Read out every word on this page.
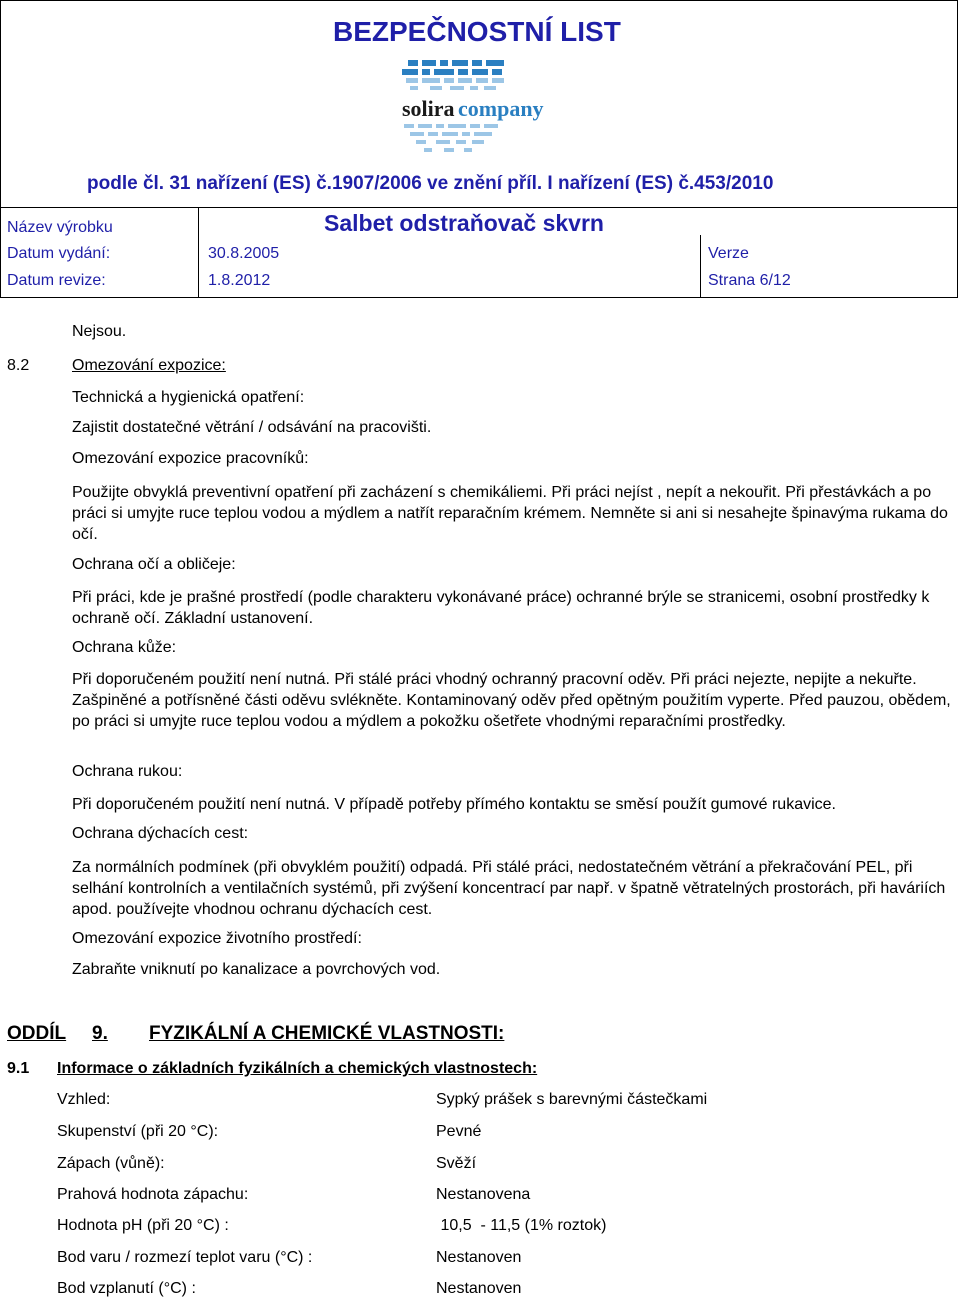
BEZPEČNOSTNÍ LIST
solira company
podle čl. 31 nařízení (ES) č.1907/2006 ve znění příl. I nařízení (ES) č.453/2010
Název výrobku	Salbet odstraňovač skvrn
Datum vydání:	30.8.2005	Verze
Datum revize:	1.8.2012	Strana 6/12
Nejsou.
8.2	Omezování expozice:
Technická a hygienická opatření:
Zajistit dostatečné větrání / odsávání na pracovišti.
Omezování expozice pracovníků:
Použijte obvyklá preventivní opatření při zacházení s chemikáliemi. Při práci nejíst , nepít a nekouřit. Při přestávkách a po práci si umyjte ruce teplou vodou a mýdlem a natřít reparačním krémem. Nemněte si ani si nesahejte špinavýma rukama do očí.
Ochrana očí a obličeje:
Při práci, kde je prašné prostředí (podle charakteru vykonávané práce) ochranné brýle se stranicemi, osobní prostředky k ochraně očí. Základní ustanovení.
Ochrana kůže:
Při doporučeném použití není nutná. Při stálé práci vhodný ochranný pracovní oděv. Při práci nejezte, nepijte a nekuřte. Zašpiněné a potřísněné části oděvu svlékněte. Kontaminovaný oděv před opětným použitím vyperte. Před pauzou, obědem, po práci si umyjte ruce teplou vodou a mýdlem a pokožku ošetřete vhodnými reparačními prostředky.
Ochrana rukou:
Při doporučeném použití není nutná. V případě potřeby přímého kontaktu se směsí použít gumové rukavice.
Ochrana dýchacích cest:
Za normálních podmínek (při obvyklém použití) odpadá. Při stálé práci, nedostatečném větrání a překračování PEL, při selhání kontrolních a ventilačních systémů, při zvýšení koncentrací par např. v špatně větratelných prostorách, při haváriích apod. používejte vhodnou ochranu dýchacích cest.
Omezování expozice životního prostředí:
Zabraňte vniknutí po kanalizace a povrchových vod.
ODDÍL 9. FYZIKÁLNÍ A CHEMICKÉ VLASTNOSTI:
9.1 Informace o základních fyzikálních a chemických vlastnostech:
Vzhled:	Sypký prášek s barevnými částečkami
Skupenství (při 20 °C):	Pevné
Zápach (vůně):	Svěží
Prahová hodnota zápachu:	Nestanovena
Hodnota pH (při 20 °C) :	10,5  - 11,5 (1% roztok)
Bod varu / rozmezí teplot varu (°C) :	Nestanoven
Bod vzplanutí (°C) :	Nestanoven
